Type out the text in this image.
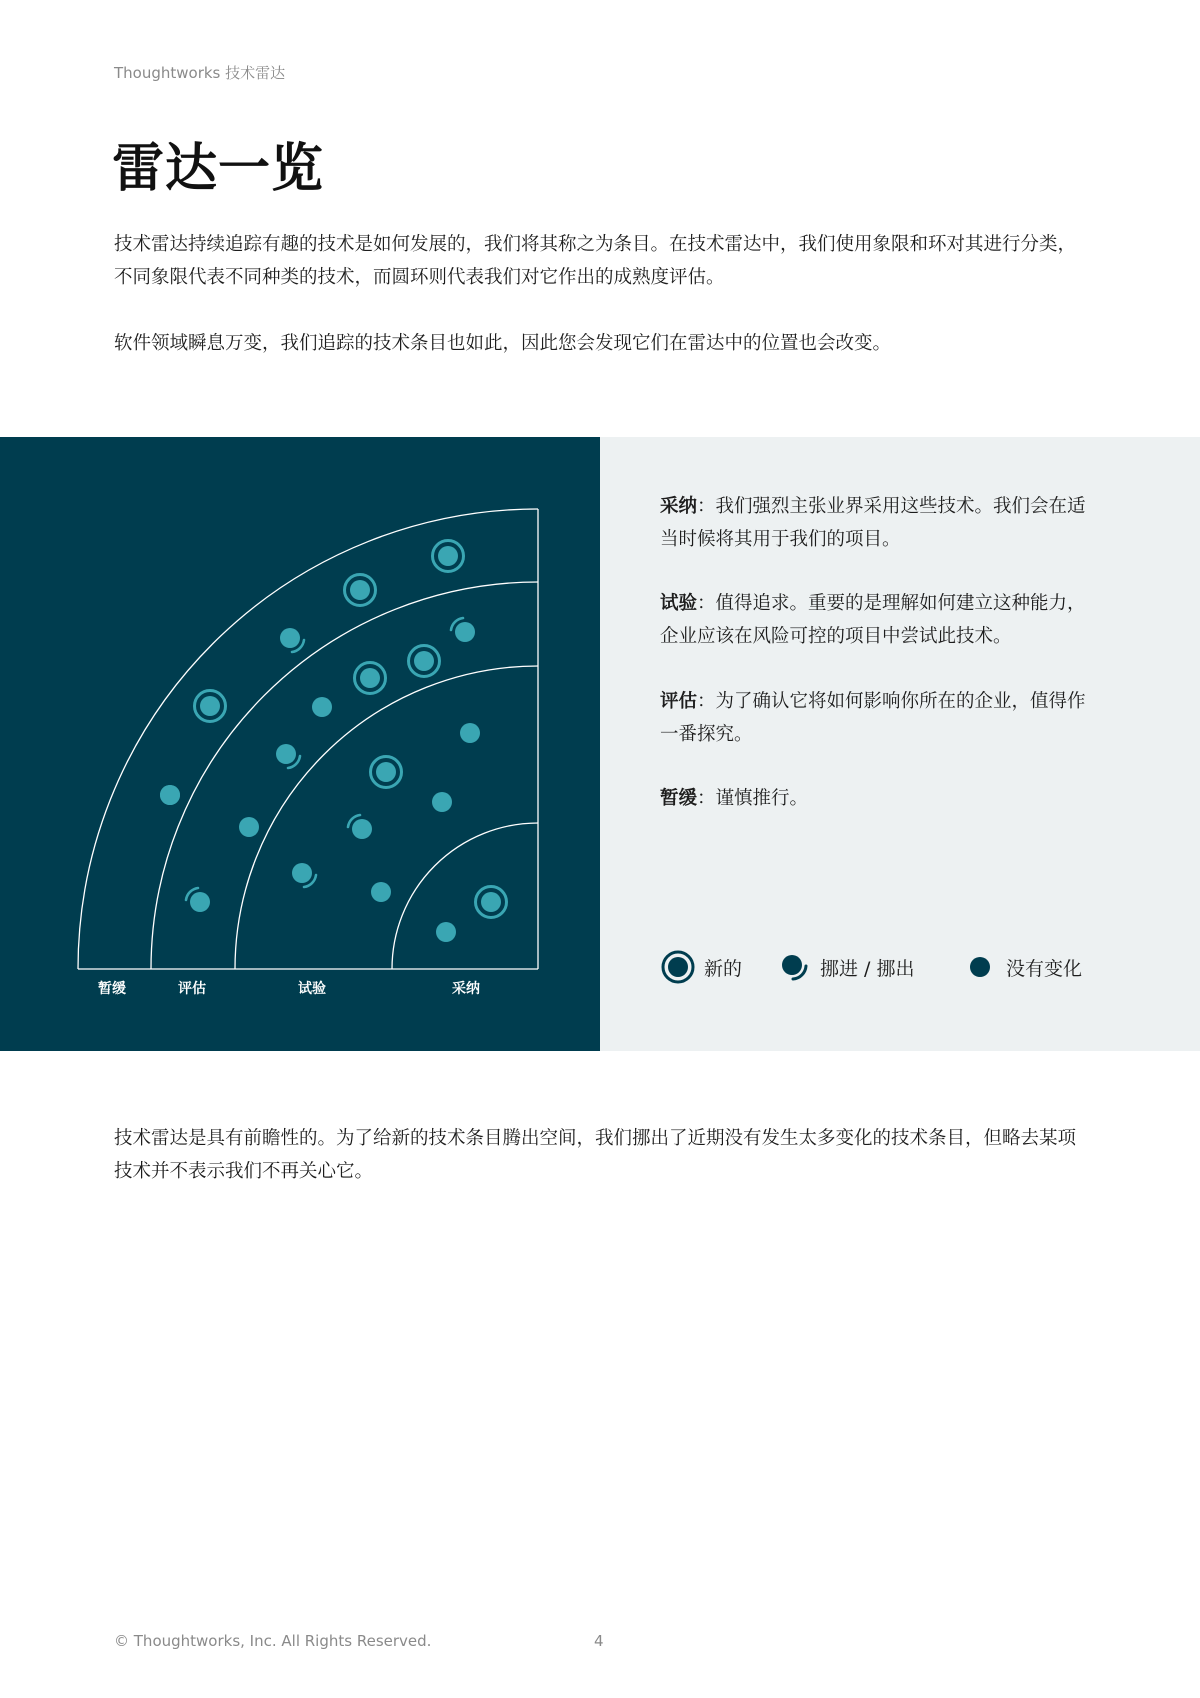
Thoughtworks 技术雷达
雷达一览

技术雷达持续追踪有趣的技术是如何发展的，我们将其称之为条目。在技术雷达中，我们使用象限和环对其进行分类，不同象限代表不同种类的技术，而圆环则代表我们对它作出的成熟度评估。

软件领域瞬息万变，我们追踪的技术条目也如此，因此您会发现它们在雷达中的位置也会改变。

暂缓	评估	试验	采纳

采纳：我们强烈主张业界采用这些技术。我们会在适当时候将其用于我们的项目。

试验：值得追求。重要的是理解如何建立这种能力，企业应该在风险可控的项目中尝试此技术。

评估：为了确认它将如何影响你所在的企业，值得作一番探究。

暂缓：谨慎推行。

新的	挪进 / 挪出	没有变化

技术雷达是具有前瞻性的。为了给新的技术条目腾出空间，我们挪出了近期没有发生太多变化的技术条目，但略去某项技术并不表示我们不再关心它。

© Thoughtworks, Inc. All Rights Reserved.	4
